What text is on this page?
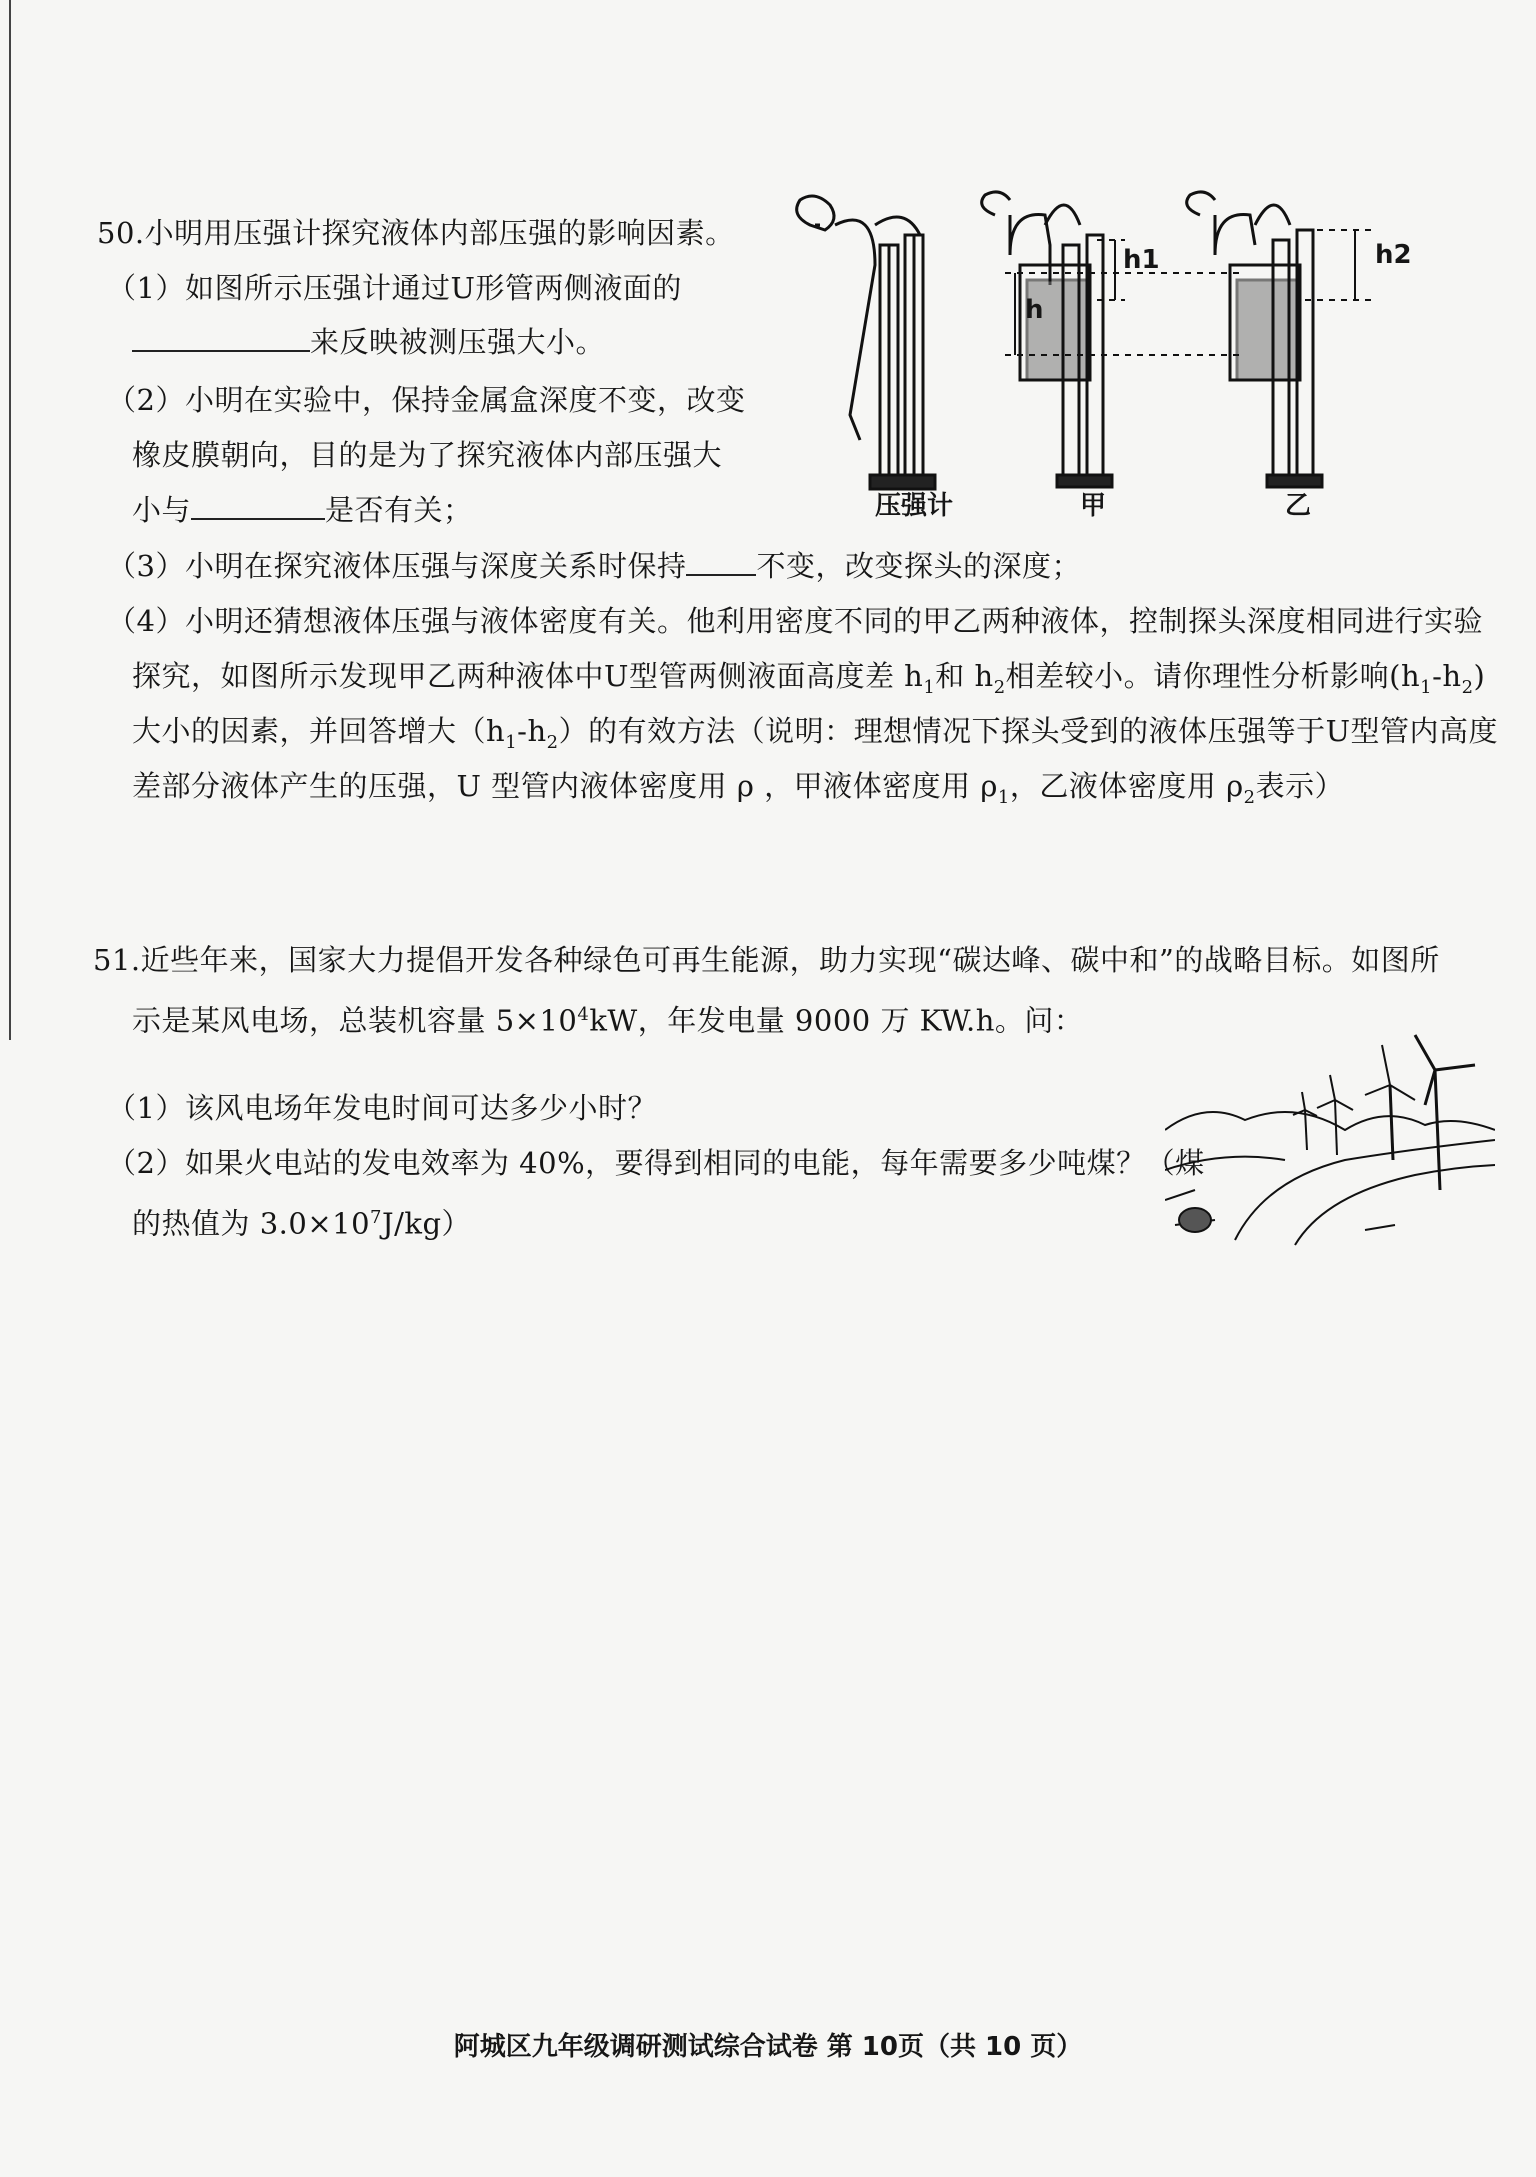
50.小明用压强计探究液体内部压强的影响因素。
（1）如图所示压强计通过U形管两侧液面的
来反映被测压强大小。
（2）小明在实验中，保持金属盒深度不变，改变
橡皮膜朝向，目的是为了探究液体内部压强大
小与	是否有关；
（3）小明在探究液体压强与深度关系时保持 不变，改变探头的深度；
（4）小明还猜想液体压强与液体密度有关。他利用密度不同的甲乙两种液体，控制探头深度相同进行实验
探究，如图所示发现甲乙两种液体中U型管两侧液面高度差 $h_1$和 $h_2$相差较小。请你理性分析影响$(h_1-h_2)$
大小的因素，并回答增大$(h_1-h_2)$的有效方法（说明：理想情况下探头受到的液体压强等于U型管内高度
差部分液体产生的压强，U 型管内液体密度用 ρ ，甲液体密度用 $\rho_1$，乙液体密度用 $\rho_2$表示）
h
h1	h2
压强计	甲	乙
51.近些年来，国家大力提倡开发各种绿色可再生能源，助力实现“碳达峰、碳中和”的战略目标。如图所
示是某风电场，总装机容量 $5\times 10^4kW$，年发电量 9000 万 KW.h。问：
（1）该风电场年发电时间可达多少小时？
（2）如果火电站的发电效率为 40%，要得到相同的电能，每年需要多少吨煤？（煤
的热值为 $3.0\times 10^7J/kg$）
阿城区九年级调研测试综合试卷 第 10页（共 10 页）
